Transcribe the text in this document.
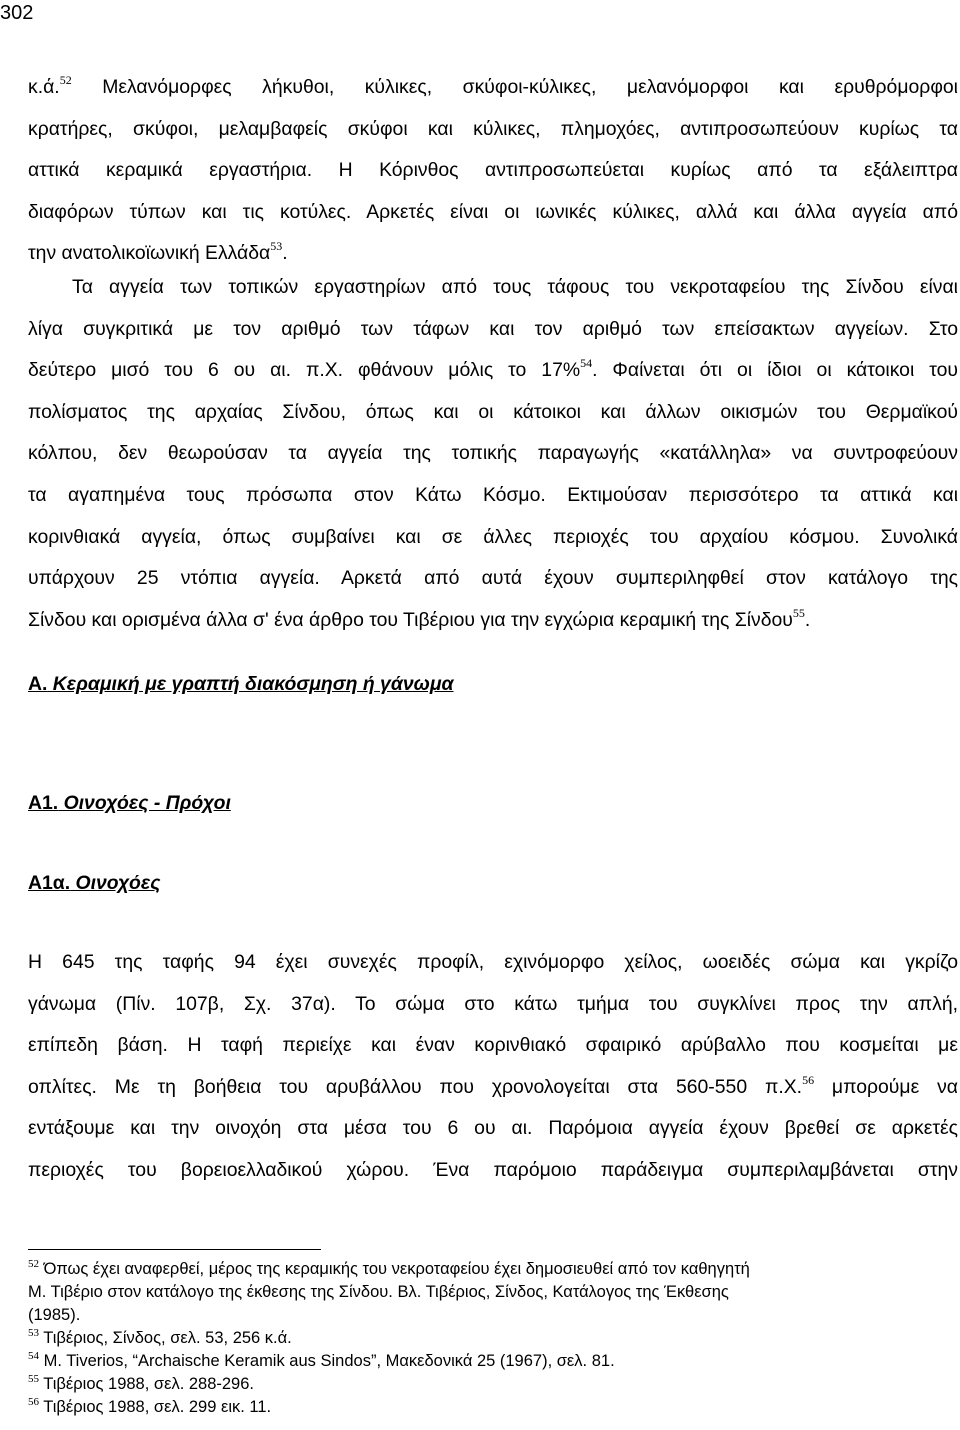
302
κ.ά.$^{52}$ Μελανόμορφες λήκυθοι, κύλικες, σκύφοι-κύλικες, μελανόμορφοι και ερυθρόμορφοι
κρατήρες, σκύφοι, μελαμβαφείς σκύφοι και κύλικες, πλημοχόες, αντιπροσωπεύουν κυρίως τα
αττικά κεραμικά εργαστήρια. Η Κόρινθος αντιπροσωπεύεται κυρίως από τα εξάλειπτρα
διαφόρων τύπων και τις κοτύλες. Αρκετές είναι οι ιωνικές κύλικες, αλλά και άλλα αγγεία από
την ανατολικοϊωνική Ελλάδα$^{53}$.
Τα αγγεία των τοπικών εργαστηρίων από τους τάφους του νεκροταφείου της Σίνδου είναι
λίγα συγκριτικά με τον αριθμό των τάφων και τον αριθμό των επείσακτων αγγείων. Στο
δεύτερο μισό του 6 ου αι. π.Χ. φθάνουν μόλις το 17%$^{54}$. Φαίνεται ότι οι ίδιοι οι κάτοικοι του
πολίσματος της αρχαίας Σίνδου, όπως και οι κάτοικοι και άλλων οικισμών του Θερμαϊκού
κόλπου, δεν θεωρούσαν τα αγγεία της τοπικής παραγωγής «κατάλληλα» να συντροφεύουν
τα αγαπημένα τους πρόσωπα στον Κάτω Κόσμο. Εκτιμούσαν περισσότερο τα αττικά και
κορινθιακά αγγεία, όπως συμβαίνει και σε άλλες περιοχές του αρχαίου κόσμου. Συνολικά
υπάρχουν 25 ντόπια αγγεία. Αρκετά από αυτά έχουν συμπεριληφθεί στον κατάλογο της
Σίνδου και ορισμένα άλλα σ' ένα άρθρο του Τιβέριου για την εγχώρια κεραμική της Σίνδου$^{55}$.
Α. Κεραμική με γραπτή διακόσμηση ή γάνωμα
Α1. Οινοχόες - Πρόχοι
Α1α. Οινοχόες
Η 645 της ταφής 94 έχει συνεχές προφίλ, εχινόμορφο χείλος, ωοειδές σώμα και γκρίζο
γάνωμα (Πίν. 107β, Σχ. 37α). Το σώμα στο κάτω τμήμα του συγκλίνει προς την απλή,
επίπεδη βάση. Η ταφή περιείχε και έναν κορινθιακό σφαιρικό αρύβαλλο που κοσμείται με
οπλίτες. Με τη βοήθεια του αρυβάλλου που χρονολογείται στα 560-550 π.Χ.$^{56}$ μπορούμε να
εντάξουμε και την οινοχόη στα μέσα του 6 ου αι. Παρόμοια αγγεία έχουν βρεθεί σε αρκετές
περιοχές του βορειοελλαδικού χώρου. Ένα παρόμοιο παράδειγμα συμπεριλαμβάνεται στην
$^{52}$ Όπως έχει αναφερθεί, μέρος της κεραμικής του νεκροταφείου έχει δημοσιευθεί από τον καθηγητή
Μ. Τιβέριο στον κατάλογο της έκθεσης της Σίνδου. Βλ. Τιβέριος, Σίνδος, Κατάλογος της Έκθεσης
(1985).
$^{53}$ Τιβέριος, Σίνδος, σελ. 53, 256 κ.ά.
$^{54}$ M. Tiverios, “Archaische Keramik aus Sindos”, Μακεδονικά 25 (1967), σελ. 81.
$^{55}$ Τιβέριος 1988, σελ. 288-296.
$^{56}$ Τιβέριος 1988, σελ. 299 εικ. 11.
